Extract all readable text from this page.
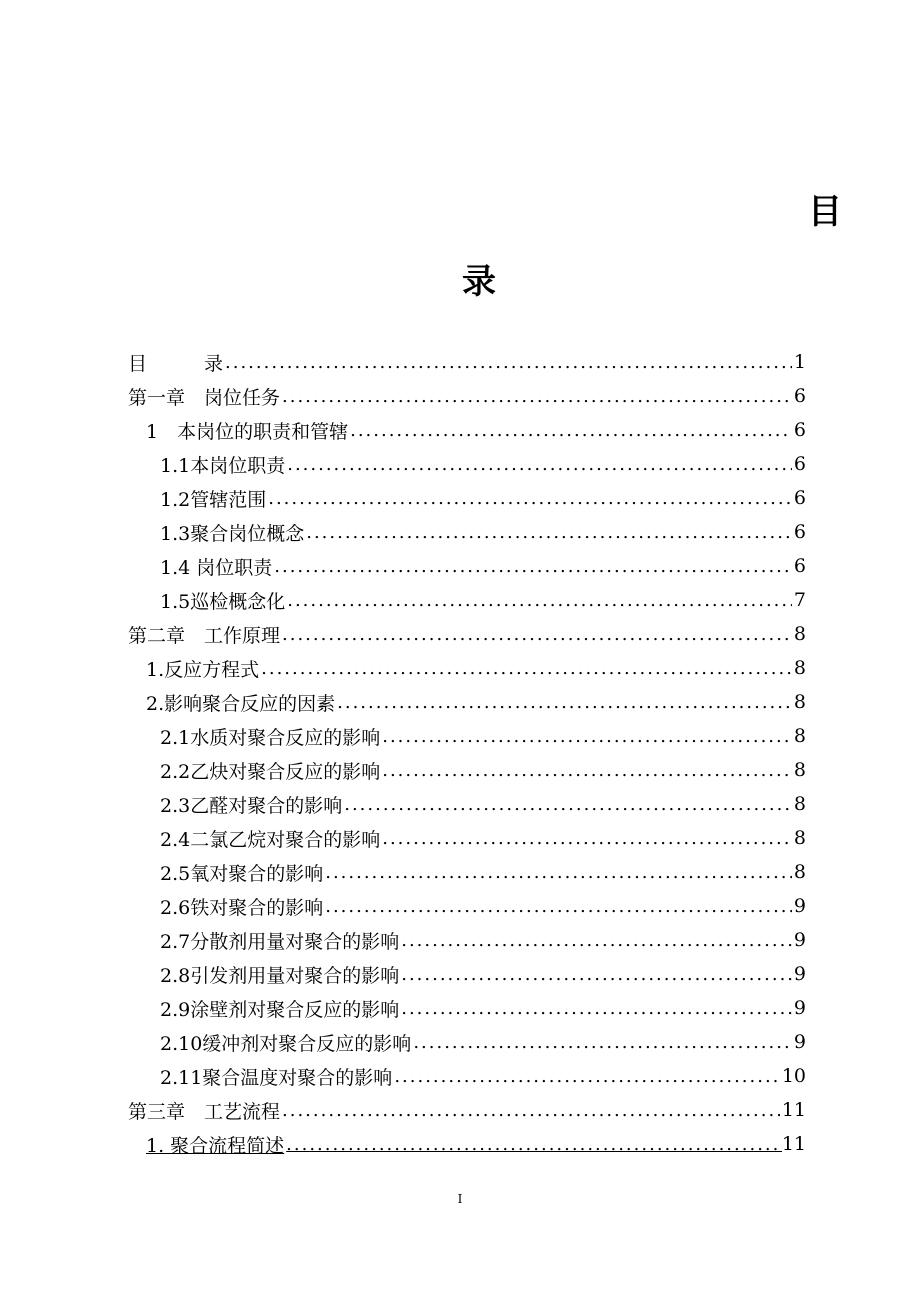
目
录
目　　　录 .....	1
第一章　岗位任务 .....	6
1　本岗位的职责和管辖 .....	6
1.1本岗位职责 .....	6
1.2管辖范围 .....	6
1.3聚合岗位概念 .....	6
1.4 岗位职责 .....	6
1.5巡检概念化 .....	7
第二章　工作原理 .....	8
1.反应方程式 .....	8
2.影响聚合反应的因素 .....	8
2.1水质对聚合反应的影响 .....	8
2.2乙炔对聚合反应的影响 .....	8
2.3乙醛对聚合的影响 .....	8
2.4二氯乙烷对聚合的影响 .....	8
2.5氧对聚合的影响 .....	8
2.6铁对聚合的影响 .....	9
2.7分散剂用量对聚合的影响 .....	9
2.8引发剂用量对聚合的影响 .....	9
2.9涂壁剂对聚合反应的影响 .....	9
2.10缓冲剂对聚合反应的影响 .....	9
2.11聚合温度对聚合的影响 .....	10
第三章　工艺流程 .....	11
1. 聚合流程简述 .....	11
I
